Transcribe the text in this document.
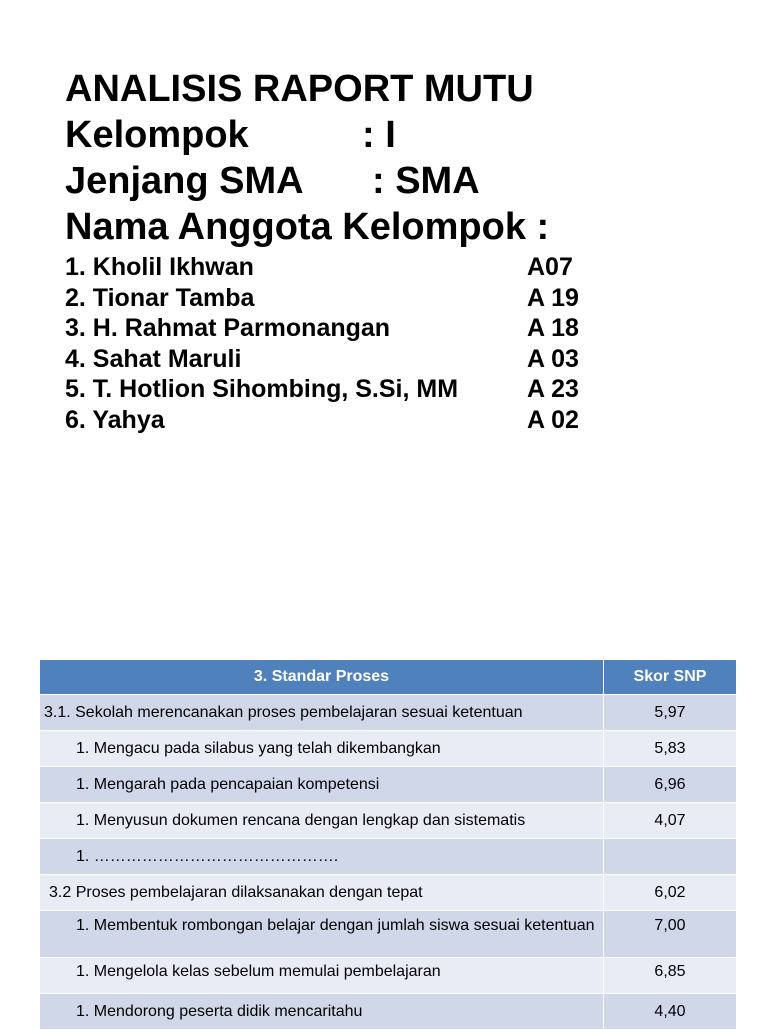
ANALISIS RAPORT MUTU
Kelompok	: I
Jenjang SMA : SMA
Nama Anggota Kelompok :
1. Kholil Ikhwan	A07
2. Tionar Tamba	A 19
3. H. Rahmat Parmonangan	A 18
4. Sahat Maruli	A 03
5. T. Hotlion Sihombing, S.Si, MM	A 23
6. Yahya	A 02
3. Standar Proses	Skor SNP
3.1. Sekolah merencanakan proses pembelajaran sesuai ketentuan	5,97

1. Mengacu pada silabus yang telah dikembangkan	5,83

1. Mengarah pada pencapaian kompetensi	6,96

1. Menyusun dokumen rencana dengan lengkap dan sistematis	4,07

1. ……………………………………….	

3.2 Proses pembelajaran dilaksanakan dengan tepat	6,02

1. Membentuk rombongan belajar dengan jumlah siswa sesuai ketentuan	7,00

1. Mengelola kelas sebelum memulai pembelajaran	6,85

1. Mendorong peserta didik mencaritahu	4,40
